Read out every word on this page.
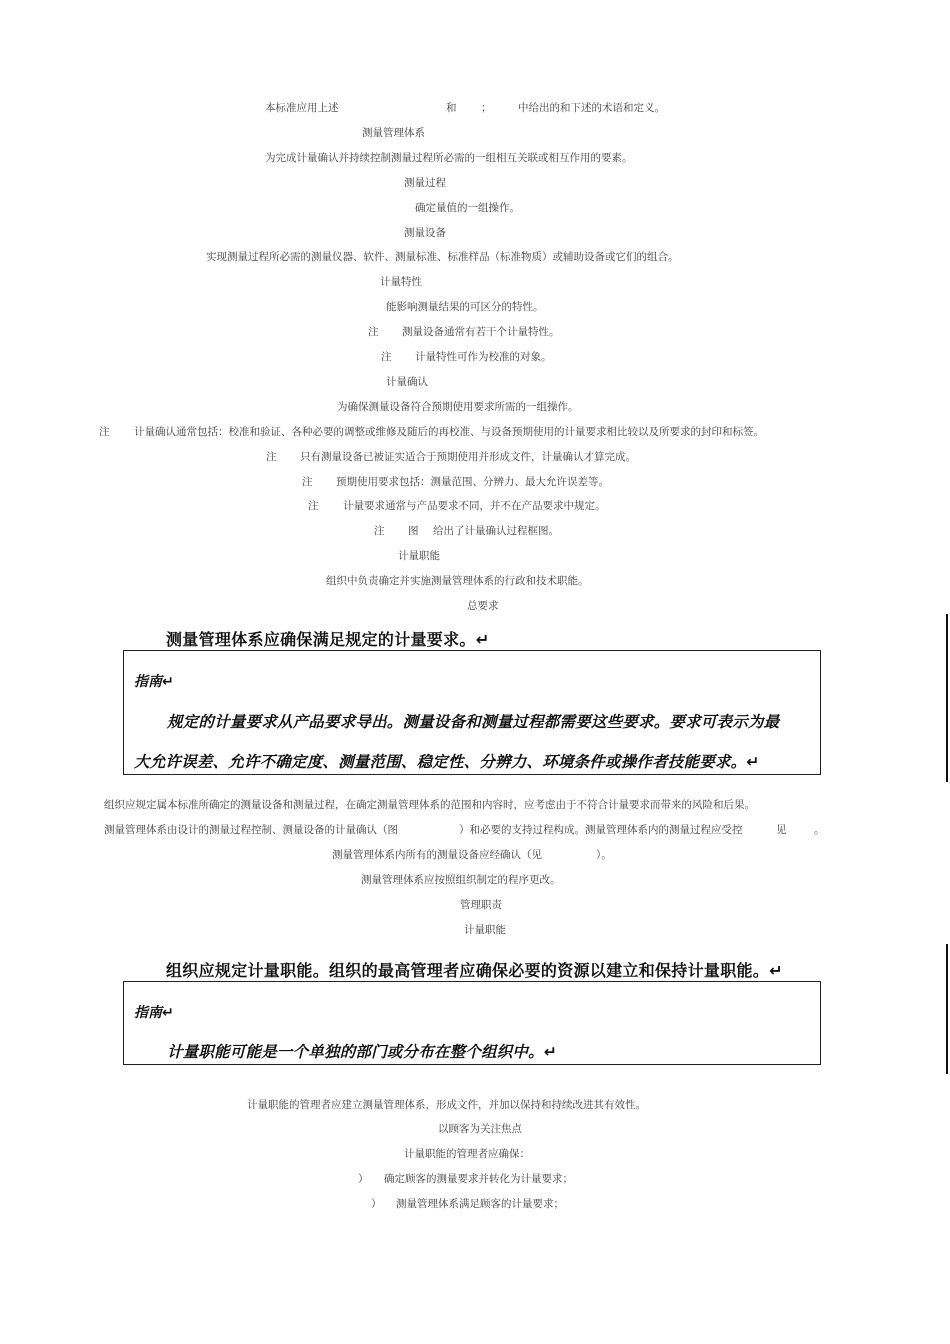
本标准应用上述	和 ；	中给出的和下述的术语和定义。
测量管理体系
为完成计量确认并持续控制测量过程所必需的一组相互关联或相互作用的要素。
测量过程
确定量值的一组操作。
测量设备
实现测量过程所必需的测量仪器、软件、测量标准、标准样品（标准物质）或辅助设备或它们的组合。
计量特性
能影响测量结果的可区分的特性。
注 测量设备通常有若干个计量特性。
注 计量特性可作为校准的对象。
计量确认
为确保测量设备符合预期使用要求所需的一组操作。
注 计量确认通常包括：校准和验证、各种必要的调整或维修及随后的再校准、与设备预期使用的计量要求相比较以及所要求的封印和标签。
注 只有测量设备已被证实适合于预期使用并形成文件，计量确认才算完成。
注 预期使用要求包括：测量范围、分辨力、最大允许误差等。
注 计量要求通常与产品要求不同，并不在产品要求中规定。
注 图 给出了计量确认过程框图。
计量职能
组织中负责确定并实施测量管理体系的行政和技术职能。
总要求
测量管理体系应确保满足规定的计量要求。↵
指南↵
规定的计量要求从产品要求导出。测量设备和测量过程都需要这些要求。要求可表示为最
大允许误差、允许不确定度、测量范围、稳定性、分辨力、环境条件或操作者技能要求。↵
组织应规定属本标准所确定的测量设备和测量过程，在确定测量管理体系的范围和内容时，应考虑由于不符合计量要求而带来的风险和后果。
测量管理体系由设计的测量过程控制、测量设备的计量确认（图	）和必要的支持过程构成。测量管理体系内的测量过程应受控	见	。
测量管理体系内所有的测量设备应经确认（见	）。
测量管理体系应按照组织制定的程序更改。
管理职责
计量职能
组织应规定计量职能。组织的最高管理者应确保必要的资源以建立和保持计量职能。↵
指南↵
计量职能可能是一个单独的部门或分布在整个组织中。↵
计量职能的管理者应建立测量管理体系，形成文件，并加以保持和持续改进其有效性。
以顾客为关注焦点
计量职能的管理者应确保：
） 确定顾客的测量要求并转化为计量要求；
） 测量管理体系满足顾客的计量要求；
